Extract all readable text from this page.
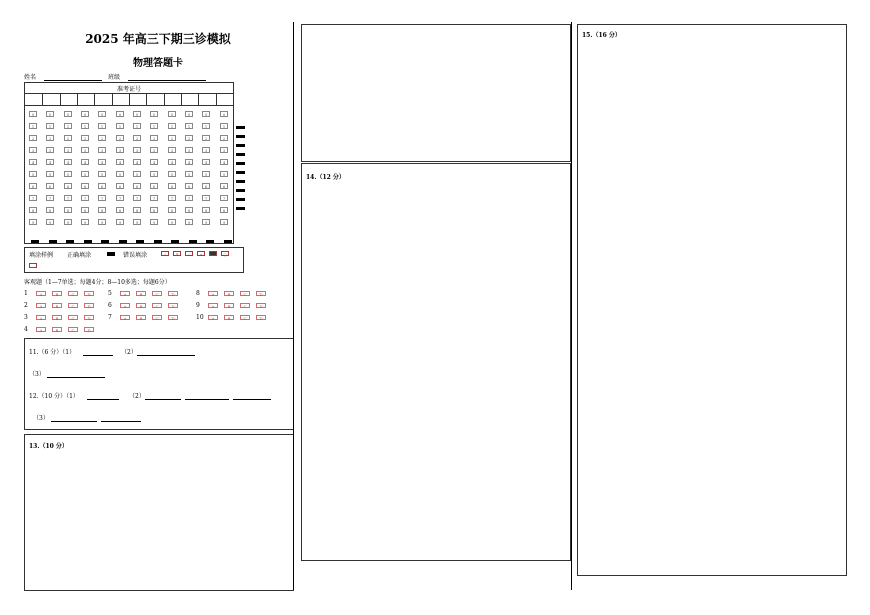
2025 年高三下期三诊模拟
物理答题卡
姓名	班级
准考证号
0	0	0	0	0	0	0	0	0	0	0	0
1	1	1	1	1	1	1	1	1	1	1	1
2	2	2	2	2	2	2	2	2	2	2	2
3	3	3	3	3	3	3	3	3	3	3	3
4	4	4	4	4	4	4	4	4	4	4	4
5	5	5	5	5	5	5	5	5	5	5	5
6	6	6	6	6	6	6	6	6	6	6	6
7	7	7	7	7	7	7	7	7	7	7	7
8	8	8	8	8	8	8	8	8	8	8	8
9	9	9	9	9	9	9	9	9	9	9	9
填涂样例 正确填涂	错误填涂	✓	✗	／	•	○
—
客观题（1—7单选；每题4分；8—10多选；每题6分）
1	A	B	C	D
2	A	B	C	D
3	A	B	C	D
4	A	B	C	D
5	A	B	C	D
6	A	B	C	D
7	A	B	C	D
8	A	B	C	D
9	A	B	C	D
10	A	B	C	D
11.（6 分）（1）	（2）
（3）
12.（10 分）（1）	（2）
（3）
13.（10 分）
14.（12 分）
15.（16 分）
